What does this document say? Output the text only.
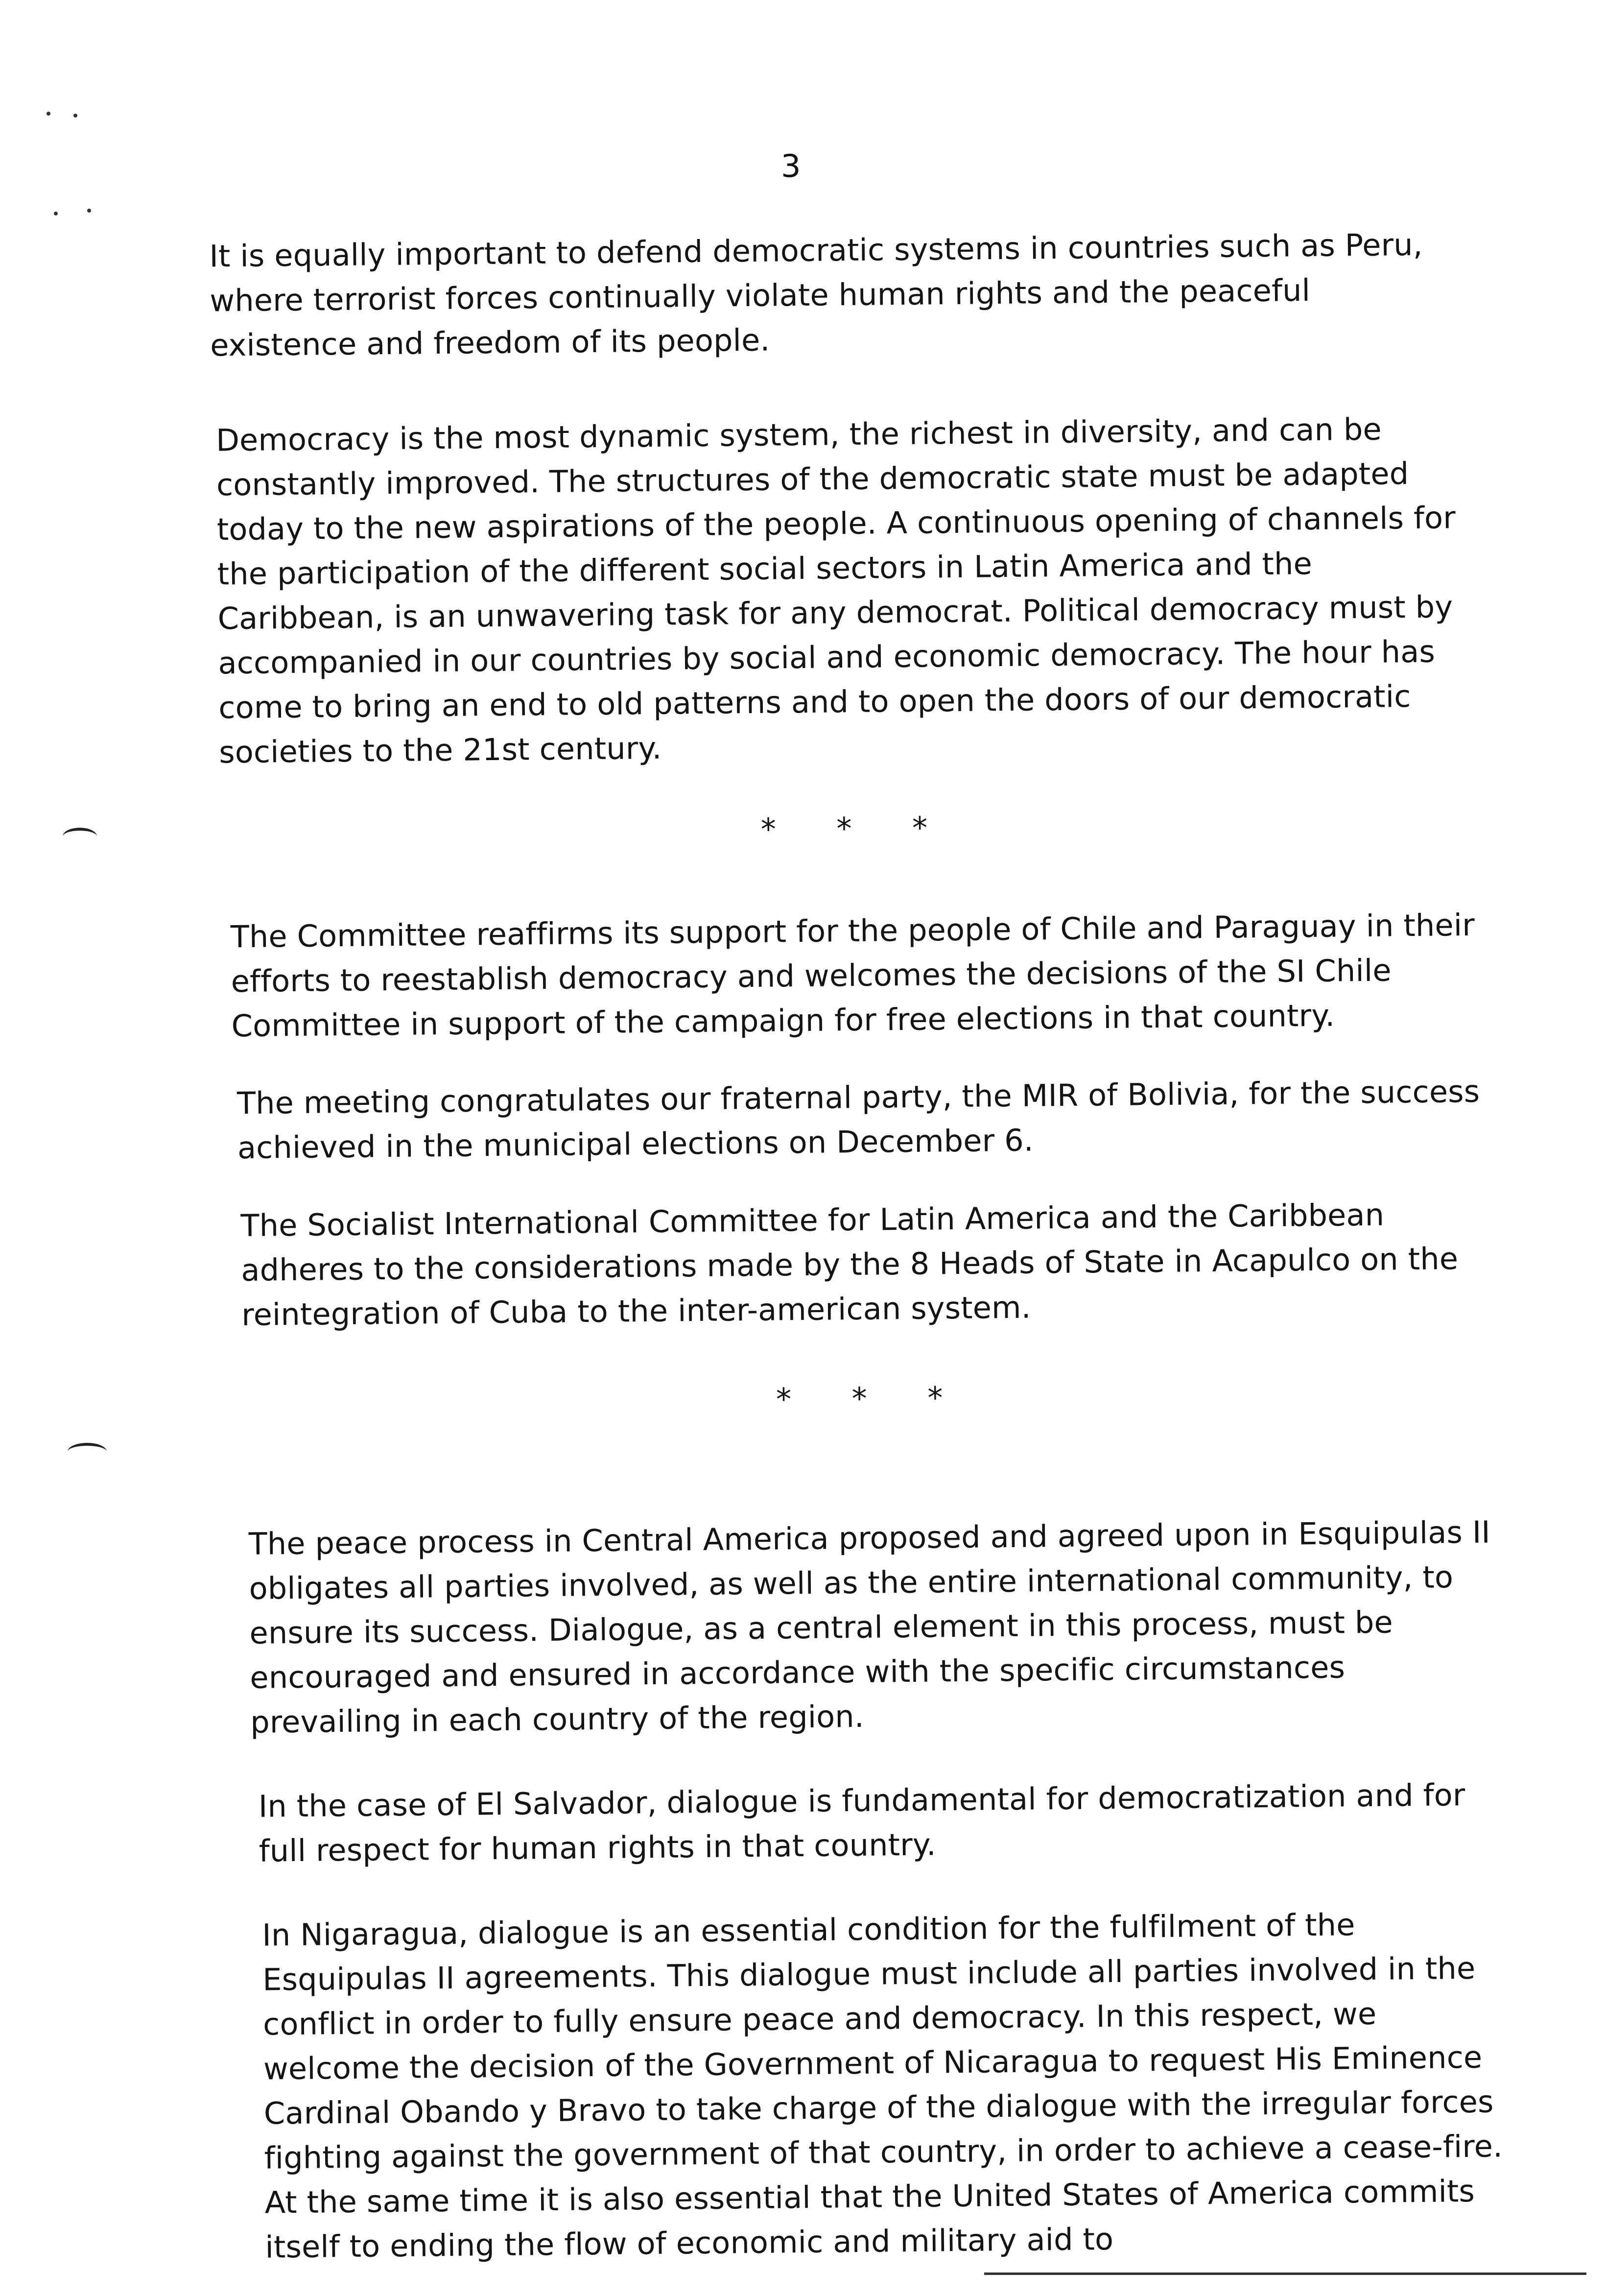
3
It is equally important to defend democratic systems in countries such as Peru, where terrorist forces continually violate human rights and the peaceful existence and freedom of its people.
Democracy is the most dynamic system, the richest in diversity, and can be constantly improved. The structures of the democratic state must be adapted today to the new aspirations of the people. A continuous opening of channels for the participation of the different social sectors in Latin America and the Caribbean, is an unwavering task for any democrat. Political democracy must by accompanied in our countries by social and economic democracy. The hour has come to bring an end to old patterns and to open the doors of our democratic societies to the 21st century.
* * *
The Committee reaffirms its support for the people of Chile and Paraguay in their efforts to reestablish democracy and welcomes the decisions of the SI Chile Committee in support of the campaign for free elections in that country.
The meeting congratulates our fraternal party, the MIR of Bolivia, for the success achieved in the municipal elections on December 6.
The Socialist International Committee for Latin America and the Caribbean adheres to the considerations made by the 8 Heads of State in Acapulco on the reintegration of Cuba to the inter-american system.
* * *
The peace process in Central America proposed and agreed upon in Esquipulas II obligates all parties involved, as well as the entire international community, to ensure its success. Dialogue, as a central element in this process, must be encouraged and ensured in accordance with the specific circumstances prevailing in each country of the region.
In the case of El Salvador, dialogue is fundamental for democratization and for full respect for human rights in that country.
In Nigaragua, dialogue is an essential condition for the fulfilment of the Esquipulas II agreements. This dialogue must include all parties involved in the conflict in order to fully ensure peace and democracy. In this respect, we welcome the decision of the Government of Nicaragua to request His Eminence Cardinal Obando y Bravo to take charge of the dialogue with the irregular forces fighting against the government of that country, in order to achieve a cease-fire. At the same time it is also essential that the United States of America commits itself to ending the flow of economic and military aid to
